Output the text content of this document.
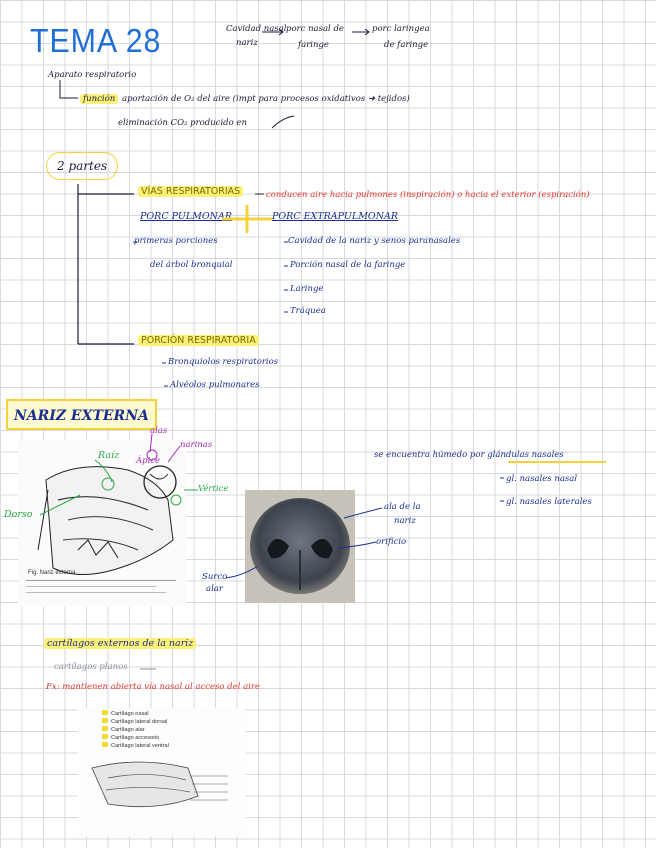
TEMA 28	Cavidad nasal
nariz
porc nasal de
faringe
porc laringea
de faringe
Aparato respiratorio
función aportación de O₂ del aire (impt para procesos oxidativos ➜ tejidos)
eliminación CO₂ producido en
2 partes
VÍAS RESPIRATORIAS	conducen aire hacia pulmones (inspiración) o hacia el exterior (espiración)
PORC PULMONAR	PORC EXTRAPULMONAR
primeras porciones
del árbol bronquial
Cavidad de la nariz y senos paranasales
Porción nasal de la faringe
Laringe
Tráquea
PORCIÓN RESPIRATORIA
Bronquiolos respiratorios
Alvéolos pulmonares
NARIZ EXTERNA
Fig. Nariz externa
Raíz
Dorso
Vértice
alas
narinas
Ápice
ala de la
nariz
orificio
Surco
alar
se encuentra húmedo por glándulas nasales
gl. nasales nasal
gl. nasales laterales
cartílagos externos de la nariz
cartílagos planos
Fx: mantienen abierta vía nasal al acceso del aire
Cartílago nasal
Cartílago lateral dorsal
Cartílago alar
Cartílago accesorio
Cartílago lateral ventral
